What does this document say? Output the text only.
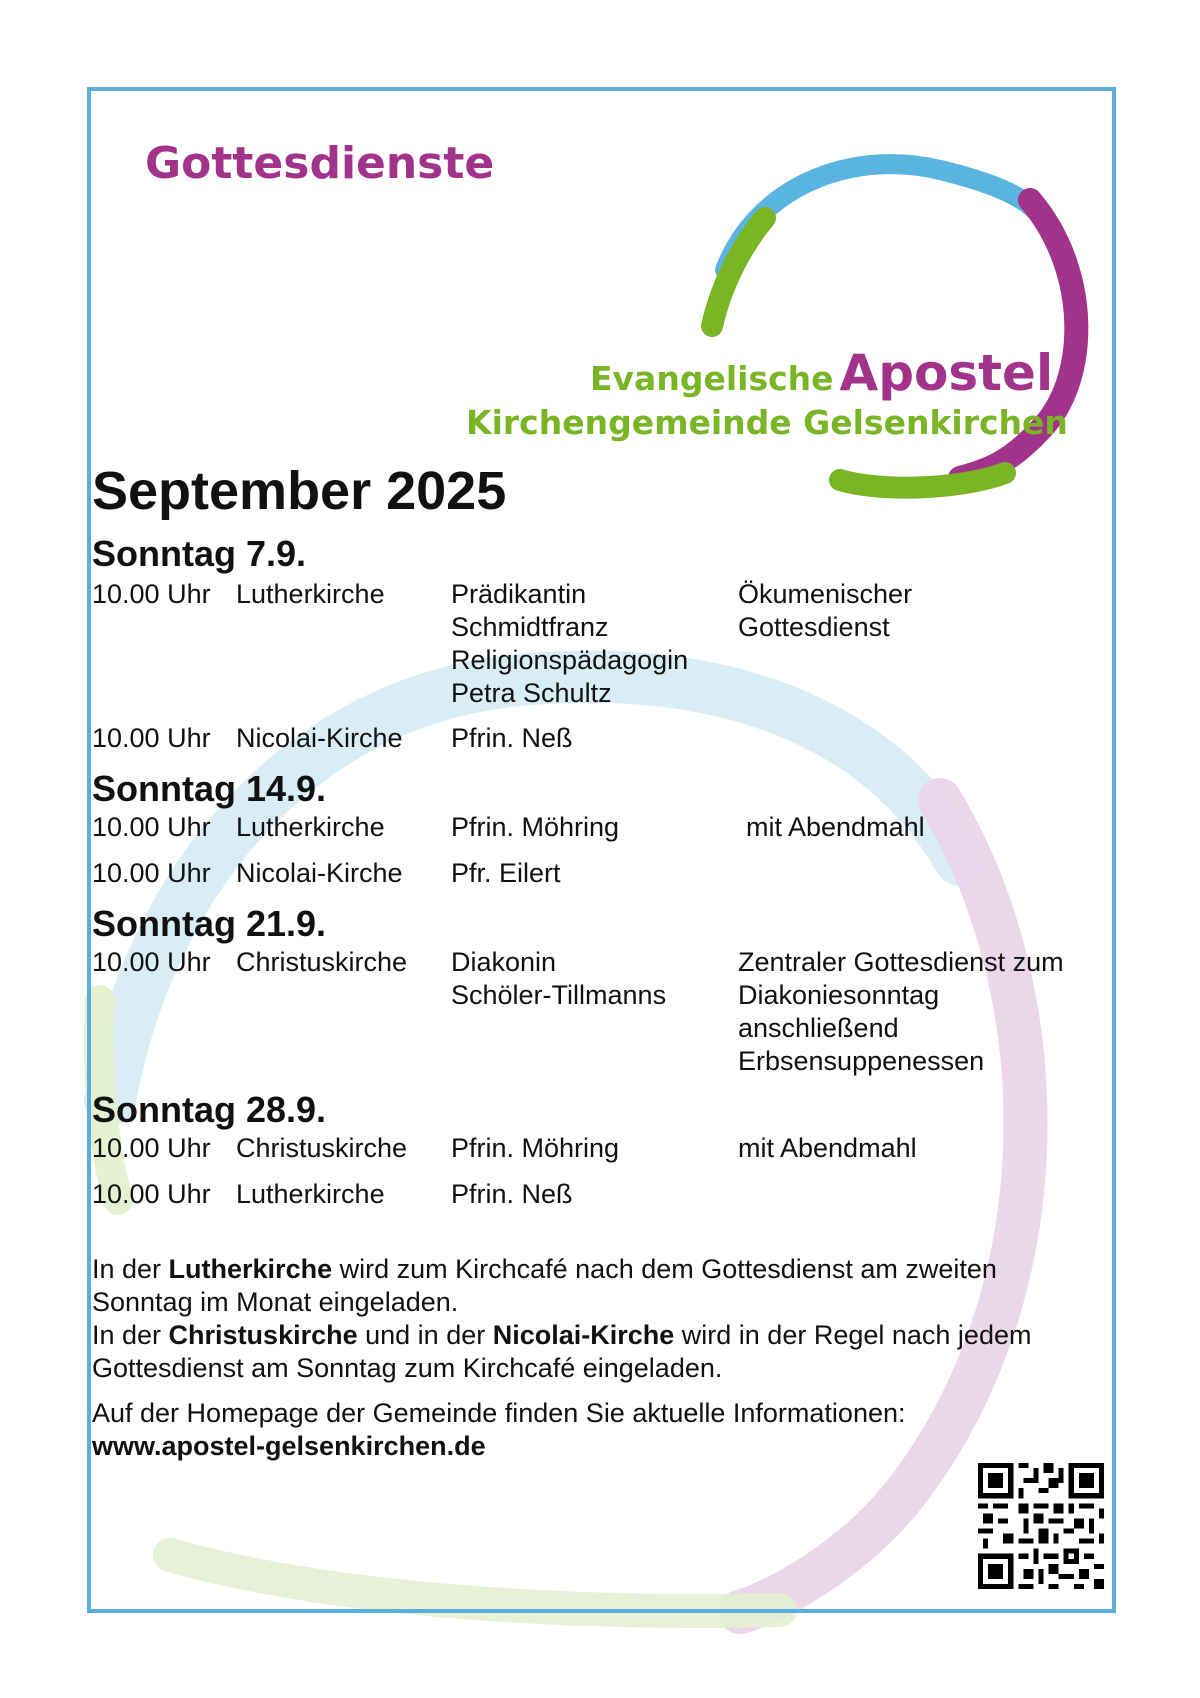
Gottesdienste
Evangelische Apostel
Kirchengemeinde Gelsenkirchen
September 2025
Sonntag 7.9.
10.00 Uhr Lutherkirche Prädikantin
Schmidtfranz
Religionspädagogin
Petra Schultz
Ökumenischer
Gottesdienst
10.00 Uhr Nicolai-Kirche Pfrin. Neß
Sonntag 14.9.
10.00 Uhr Lutherkirche Pfrin. Möhring	mit Abendmahl
10.00 Uhr Nicolai-Kirche Pfr. Eilert
Sonntag 21.9.
10.00 Uhr Christuskirche Diakonin
Schöler-Tillmanns
Zentraler Gottesdienst zum
Diakoniesonntag
anschließend
Erbsensuppenessen
Sonntag 28.9.
10.00 Uhr Christuskirche Pfrin. Möhring	mit Abendmahl
10.00 Uhr Lutherkirche Pfrin. Neß
In der Lutherkirche wird zum Kirchcafé nach dem Gottesdienst am zweiten
Sonntag im Monat eingeladen.
In der Christuskirche und in der Nicolai-Kirche wird in der Regel nach jedem
Gottesdienst am Sonntag zum Kirchcafé eingeladen.
Auf der Homepage der Gemeinde finden Sie aktuelle Informationen:
www.apostel-gelsenkirchen.de
